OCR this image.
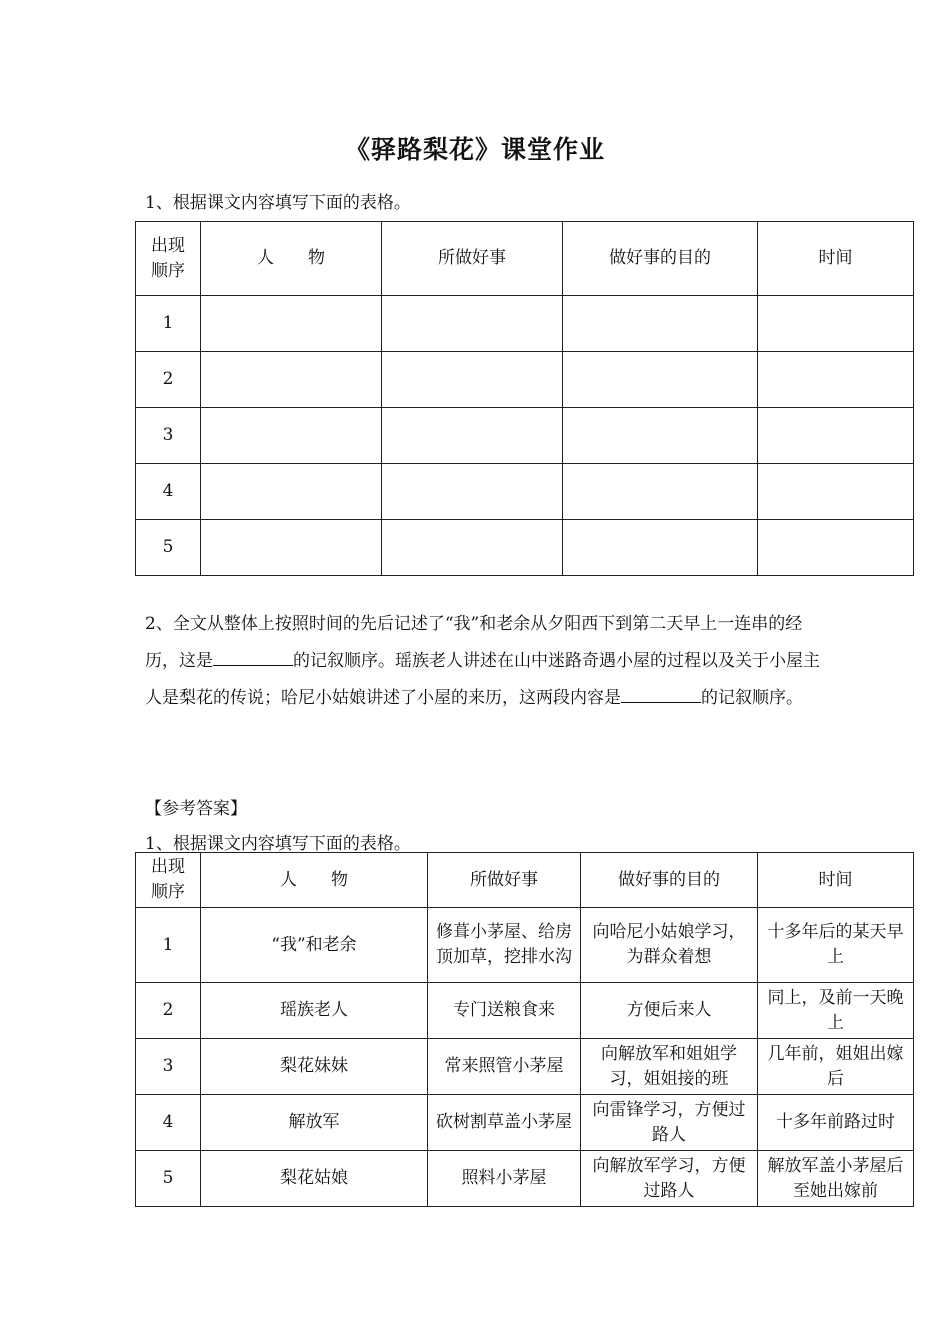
《驿路梨花》课堂作业
1、根据课文内容填写下面的表格。
出现
顺序	人　　物	所做好事	做好事的目的	时间
1				
2				
3				
4				
5				
2、全文从整体上按照时间的先后记述了“我”和老余从夕阳西下到第二天早上一连串的经历，这是	的记叙顺序。瑶族老人讲述在山中迷路奇遇小屋的过程以及关于小屋主人是梨花的传说；哈尼小姑娘讲述了小屋的来历，这两段内容是	的记叙顺序。
【参考答案】
1、根据课文内容填写下面的表格。
出现
顺序	人　　物	所做好事	做好事的目的	时间
1	“我”和老余	修葺小茅屋、给房顶加草，挖排水沟	向哈尼小姑娘学习，为群众着想	十多年后的某天早上
2	瑶族老人	专门送粮食来	方便后来人	同上，及前一天晚上
3	梨花妹妹	常来照管小茅屋	向解放军和姐姐学习，姐姐接的班	几年前，姐姐出嫁后
4	解放军	砍树割草盖小茅屋	向雷锋学习，方便过路人	十多年前路过时
5	梨花姑娘	照料小茅屋	向解放军学习，方便过路人	解放军盖小茅屋后至她出嫁前
